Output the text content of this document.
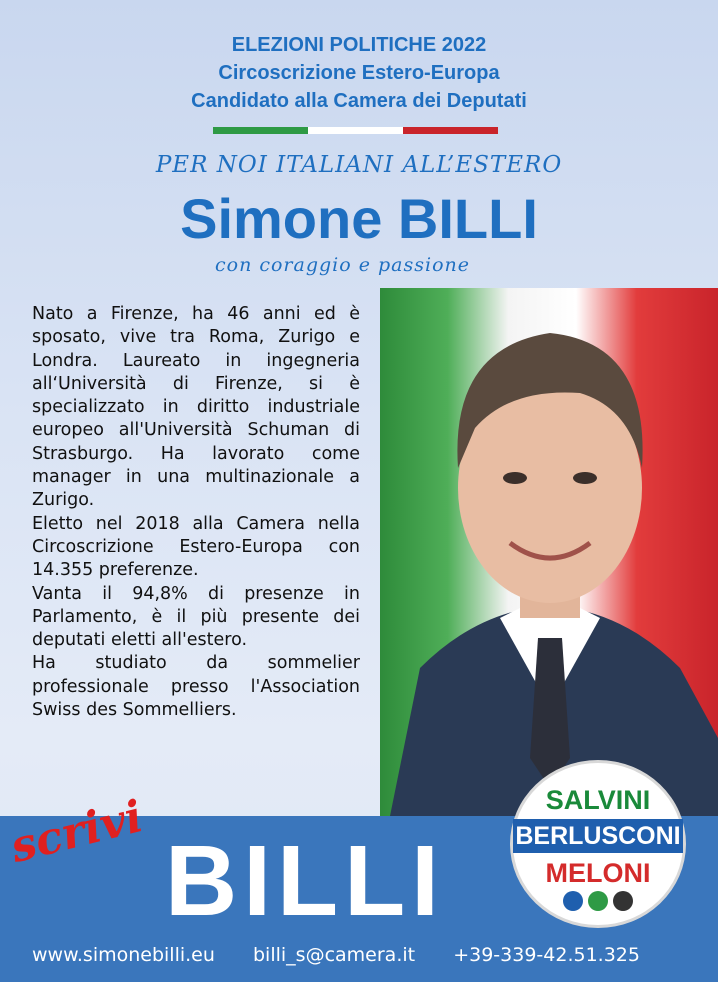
ELEZIONI POLITICHE 2022
Circoscrizione Estero-Europa
Candidato alla Camera dei Deputati
PER NOI ITALIANI ALL’ESTERO
Simone BILLI
con coraggio e passione

Nato a Firenze, ha 46 anni ed è sposato, vive tra Roma, Zurigo e Londra. Laureato in ingegneria all‘Università di Firenze, si è specializzato in diritto industriale europeo all'Università Schuman di Strasburgo. Ha lavorato come manager in una multinazionale a Zurigo.

Eletto nel 2018 alla Camera nella Circoscrizione Estero-Europa con 14.355 preferenze.

Vanta il 94,8% di presenze in Parlamento, è il più presente dei deputati eletti all'estero.

Ha studiato da sommelier professionale presso l'Association Swiss des Sommelliers.

scrivi BILLI
SALVINI
BERLUSCONI
MELONI
www.simonebilli.eu billi_s@camera.it +39-339-42.51.325
